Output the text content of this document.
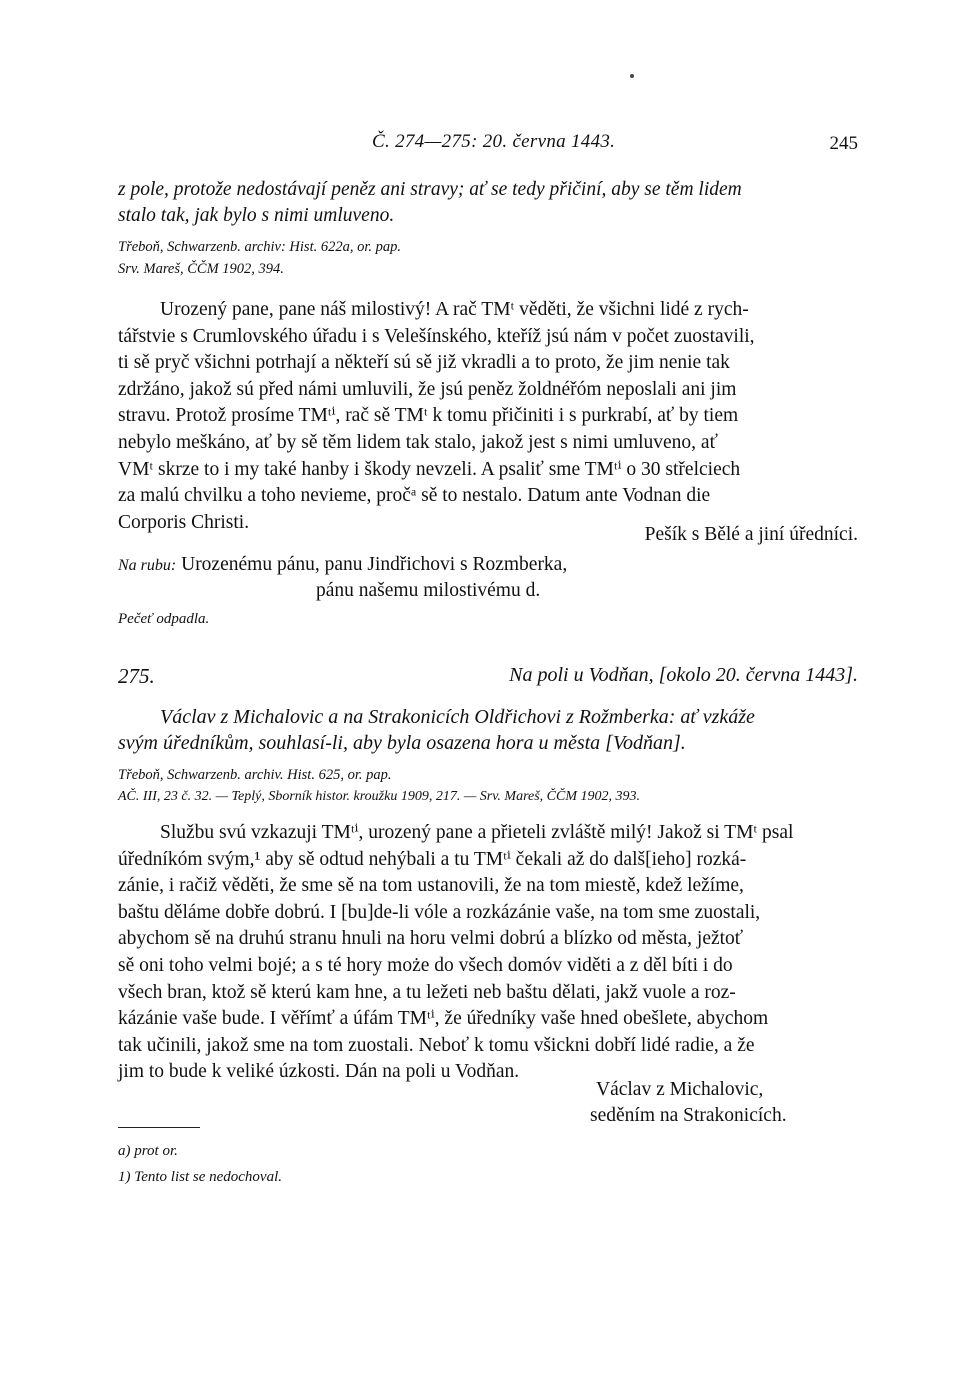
Č. 274—275: 20. června 1443.	245

z pole, protože nedostávají peněz ani stravy; ať se tedy přičiní, aby se těm lidem

stalo tak, jak bylo s nimi umluveno.

Třeboň, Schwarzenb. archiv: Hist. 622a, or. pap.

Srv. Mareš, ČČM 1902, 394.

Urozený pane, pane náš milostivý! A rač TMᵗ věděti, že všichni lidé z rych-

tářstvie s Crumlovského úřadu i s Velešínského, kteříž jsú nám v počet zuostavili,

ti sě pryč všichni potrhají a někteří sú sě již vkradli a to proto, že jim nenie tak

zdržáno, jakož sú před námi umluvili, že jsú peněz žoldnéřóm neposlali ani jim

stravu. Protož prosíme TMᵗⁱ, rač sě TMᵗ k tomu přičiniti i s purkrabí, ať by tiem

nebylo meškáno, ať by sě těm lidem tak stalo, jakož jest s nimi umluveno, ať

VMᵗ skrze to i my také hanby i škody nevzeli. A psaliť sme TMᵗⁱ o 30 střelciech

za malú chvilku a toho nevieme, pročᵃ sě to nestalo. Datum ante Vodnan die

Corporis Christi.

Pešík s Bělé a jiní úředníci.

Na rubu: Urozenému pánu, panu Jindřichovi s Rozmberka,

pánu našemu milostivému d.

Pečeť odpadla.

275.	Na poli u Vodňan, [okolo 20. června 1443].

Václav z Michalovic a na Strakonicích Oldřichovi z Rožmberka: ať vzkáže

svým úředníkům, souhlasí-li, aby byla osazena hora u města [Vodňan].

Třeboň, Schwarzenb. archiv. Hist. 625, or. pap.

AČ. III, 23 č. 32. — Teplý, Sborník histor. kroužku 1909, 217. — Srv. Mareš, ČČM 1902, 393.

Službu svú vzkazuji TMᵗⁱ, urozený pane a přieteli zvláště milý! Jakož si TMᵗ psal

úředníkóm svým,¹ aby sě odtud nehýbali a tu TMᵗⁱ čekali až do dalš[ieho] rozká-

zánie, i račiž věděti, že sme sě na tom ustanovili, že na tom miestě, kdež ležíme,

baštu děláme dobře dobrú. I [bu]de-li vóle a rozkázánie vaše, na tom sme zuostali,

abychom sě na druhú stranu hnuli na horu velmi dobrú a blízko od města, ježtoť

sě oni toho velmi bojé; a s té hory może do všech domóv viděti a z děl bíti i do

všech bran, ktož sě kterú kam hne, a tu ležeti neb baštu dělati, jakž vuole a roz-

kázánie vaše bude. I věřímť a úfám TMᵗⁱ, že úředníky vaše hned obešlete, abychom

tak učinili, jakož sme na tom zuostali. Neboť k tomu všickni dobří lidé radie, a že

jim to bude k veliké úzkosti. Dán na poli u Vodňan.

Václav z Michalovic,

seděním na Strakonicích.

a) prot or.

1) Tento list se nedochoval.
